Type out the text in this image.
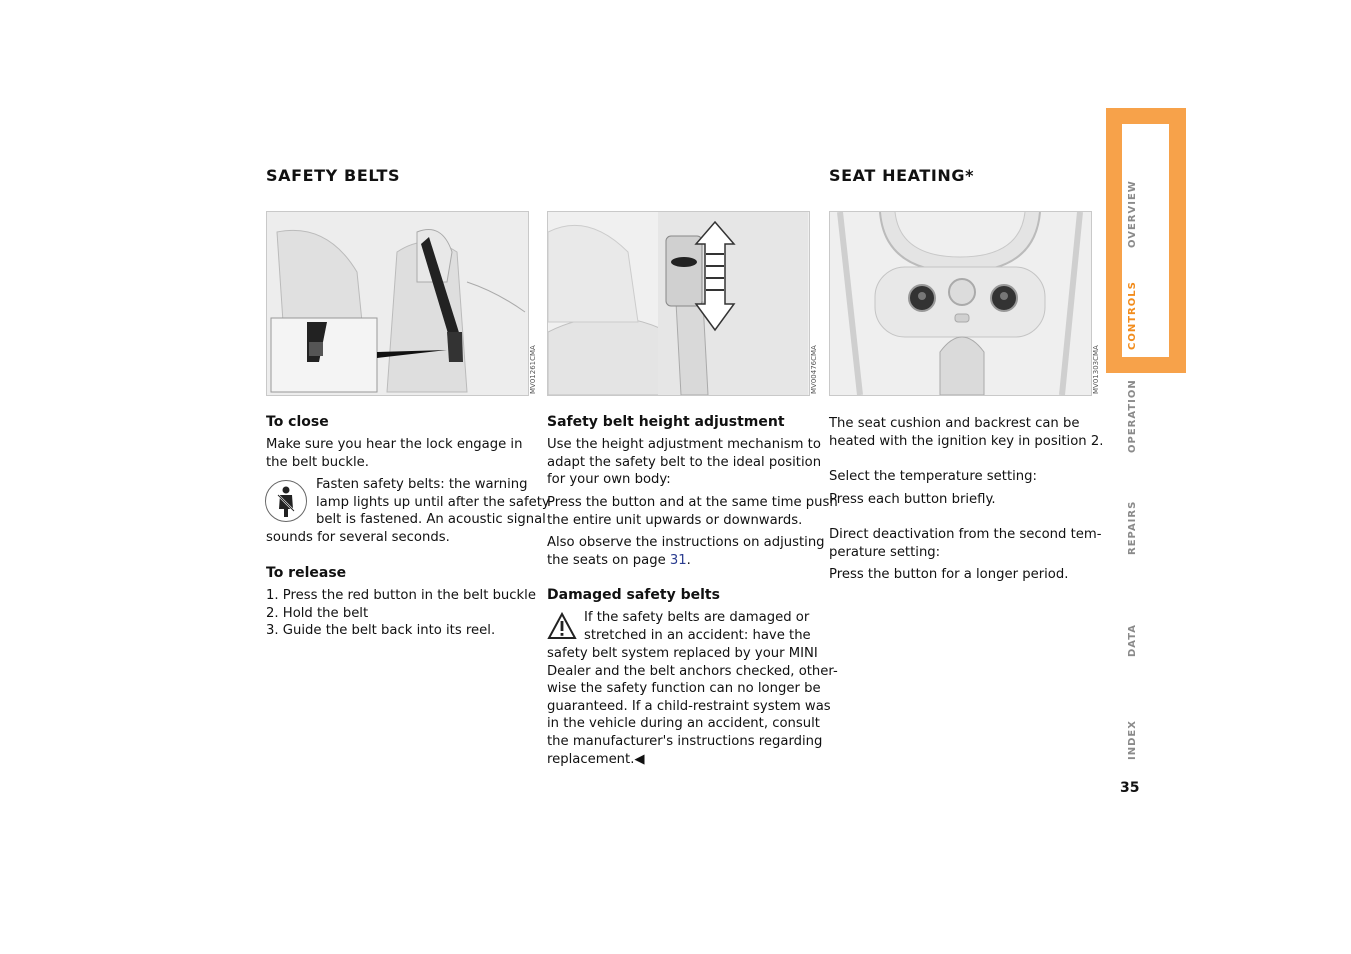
SAFETY BELTS
MV01261CMA
To close
Make sure you hear the lock engage in the belt buckle.
Fasten safety belts: the warning
lamp lights up until after the safety
belt is fastened. An acoustic signal
sounds for several seconds.
To release
1. Press the red button in the belt buckle
2. Hold the belt
3. Guide the belt back into its reel.
MV00476CMA
Safety belt height adjustment
Use the height adjustment mechanism to
adapt the safety belt to the ideal position
for your own body:
Press the button and at the same time push
the entire unit upwards or downwards.
Also observe the instructions on adjusting
the seats on page 31.
Damaged safety belts
If the safety belts are damaged or
stretched in an accident: have the
safety belt system replaced by your MINI
Dealer and the belt anchors checked, other-
wise the safety function can no longer be
guaranteed. If a child-restraint system was
in the vehicle during an accident, consult
the manufacturer's instructions regarding
replacement.◀
SEAT HEATING*
MV01303CMA
The seat cushion and backrest can be
heated with the ignition key in position 2.
Select the temperature setting:
Press each button briefly.
Direct deactivation from the second tem-
perature setting:
Press the button for a longer period.
OVERVIEW
CONTROLS
OPERATION
REPAIRS
DATA
INDEX
35
